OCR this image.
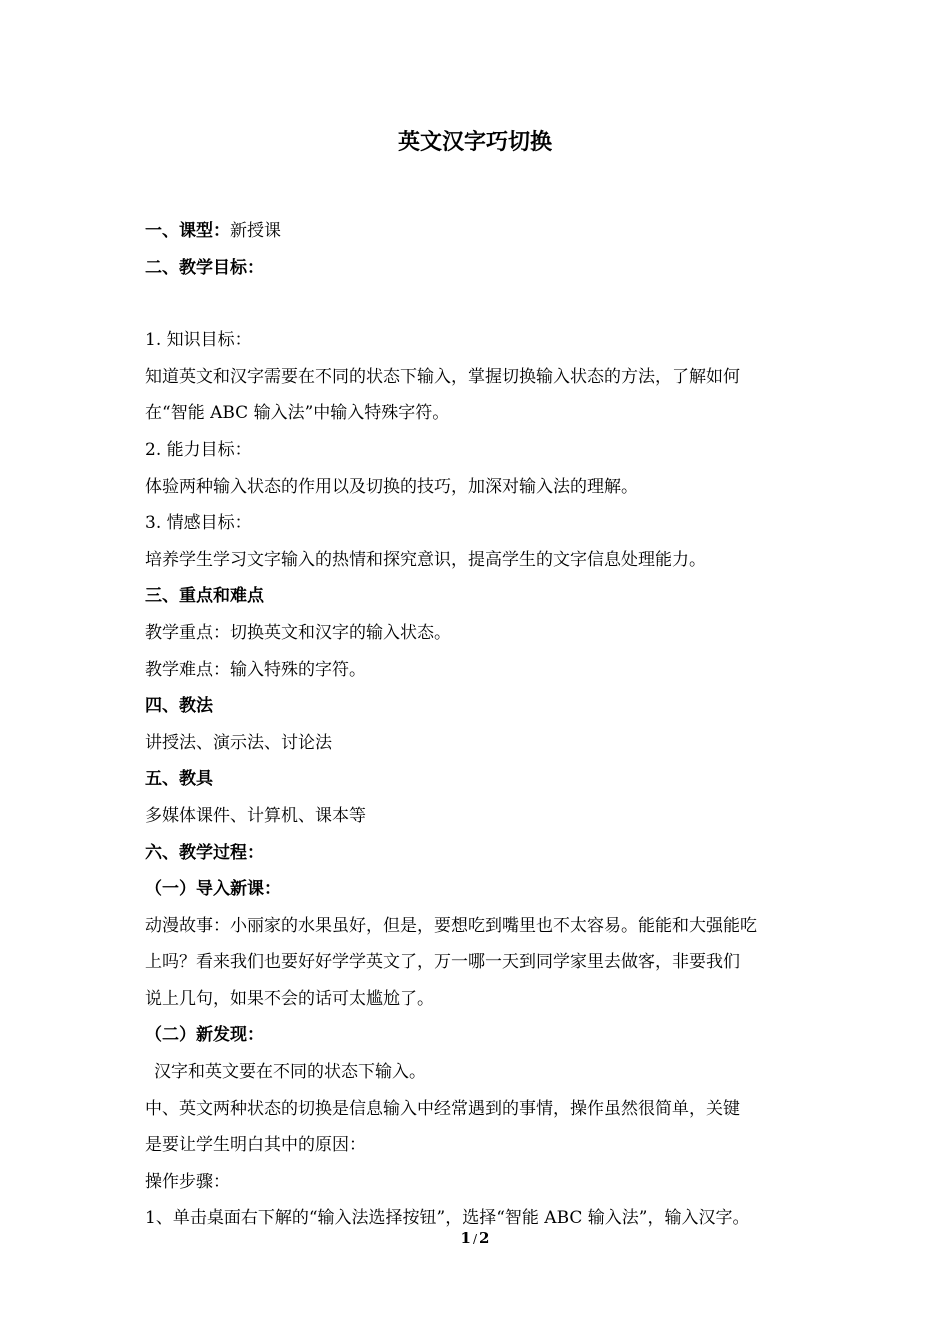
英文汉字巧切换
一、课型：新授课
二、教学目标：
1. 知识目标：
知道英文和汉字需要在不同的状态下输入，掌握切换输入状态的方法，了解如何
在“智能 ABC 输入法”中输入特殊字符。
2. 能力目标：
体验两种输入状态的作用以及切换的技巧，加深对输入法的理解。
3. 情感目标：
培养学生学习文字输入的热情和探究意识，提高学生的文字信息处理能力。
三、重点和难点
教学重点：切换英文和汉字的输入状态。
教学难点：输入特殊的字符。
四、教法
讲授法、演示法、讨论法
五、教具
多媒体课件、计算机、课本等
六、教学过程：
（一）导入新课：
动漫故事：小丽家的水果虽好，但是，要想吃到嘴里也不太容易。能能和大强能吃
上吗？看来我们也要好好学学英文了，万一哪一天到同学家里去做客，非要我们
说上几句，如果不会的话可太尴尬了。
（二）新发现：
汉字和英文要在不同的状态下输入。
中、英文两种状态的切换是信息输入中经常遇到的事情，操作虽然很简单，关键
是要让学生明白其中的原因：
操作步骤：
1、单击桌面右下解的“输入法选择按钮”，选择“智能 ABC 输入法”，输入汉字。
1 / 2
